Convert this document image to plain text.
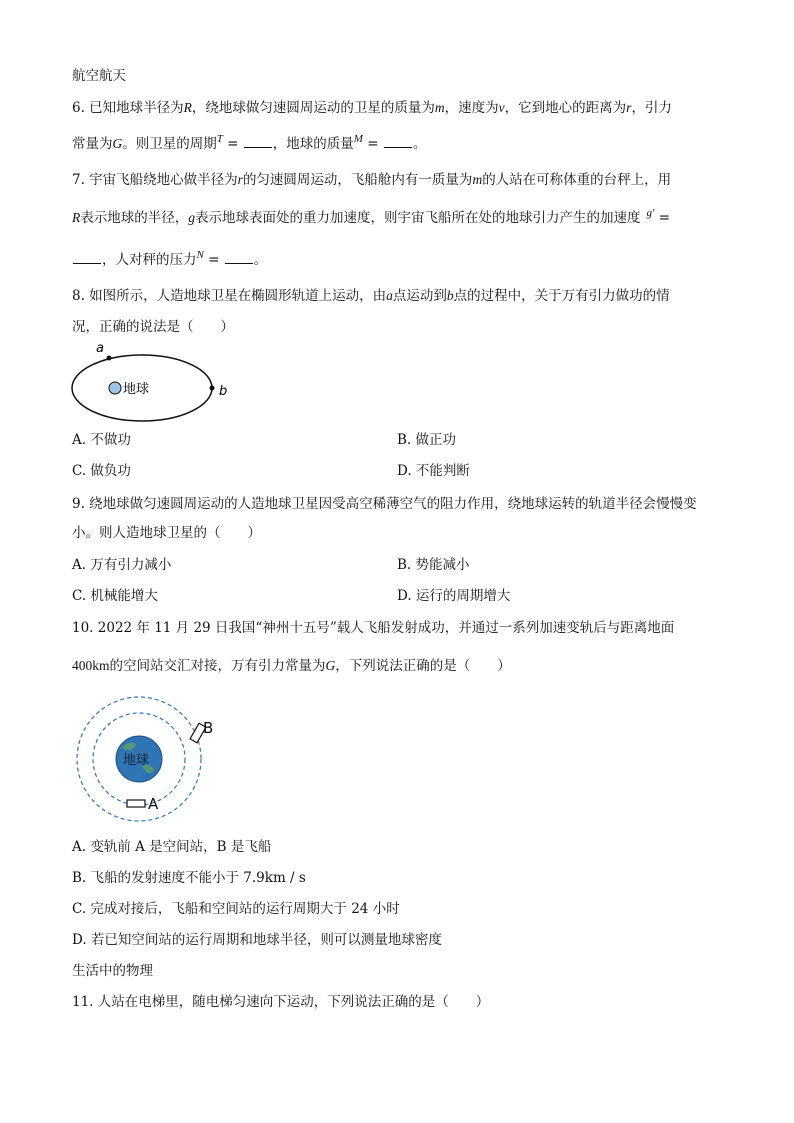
航空航天
6. 已知地球半径为R，绕地球做匀速圆周运动的卫星的质量为m，速度为v，它到地心的距离为r，引力
常量为G。则卫星的周期$^T$ = ，地球的质量$^M$ = 。
7. 宇宙飞船绕地心做半径为r的匀速圆周运动，飞船舱内有一质量为m的人站在可称体重的台秤上，用
R表示地球的半径，g表示地球表面处的重力加速度，则宇宙飞船所在处的地球引力产生的加速度 $^{g'}$ =
，人对秤的压力$^N$ = 。
8. 如图所示，人造地球卫星在椭圆形轨道上运动，由a点运动到b点的过程中，关于万有引力做功的情
况，正确的说法是（　　）
a
b
地球
A. 不做功	B. 做正功
C. 做负功	D. 不能判断
9. 绕地球做匀速圆周运动的人造地球卫星因受高空稀薄空气的阻力作用，绕地球运转的轨道半径会慢慢变
小。则人造地球卫星的（　　）
A. 万有引力减小	B. 势能减小
C. 机械能增大	D. 运行的周期增大
10. 2022 年 11 月 29 日我国“神州十五号”载人飞船发射成功，并通过一系列加速变轨后与距离地面
400km的空间站交汇对接，万有引力常量为G，下列说法正确的是（　　）
地球
B
A
A. 变轨前 A 是空间站，B 是飞船
B. 飞船的发射速度不能小于 7.9km / s
C. 完成对接后，飞船和空间站的运行周期大于 24 小时
D. 若已知空间站的运行周期和地球半径，则可以测量地球密度
生活中的物理
11. 人站在电梯里，随电梯匀速向下运动，下列说法正确的是（　　）
